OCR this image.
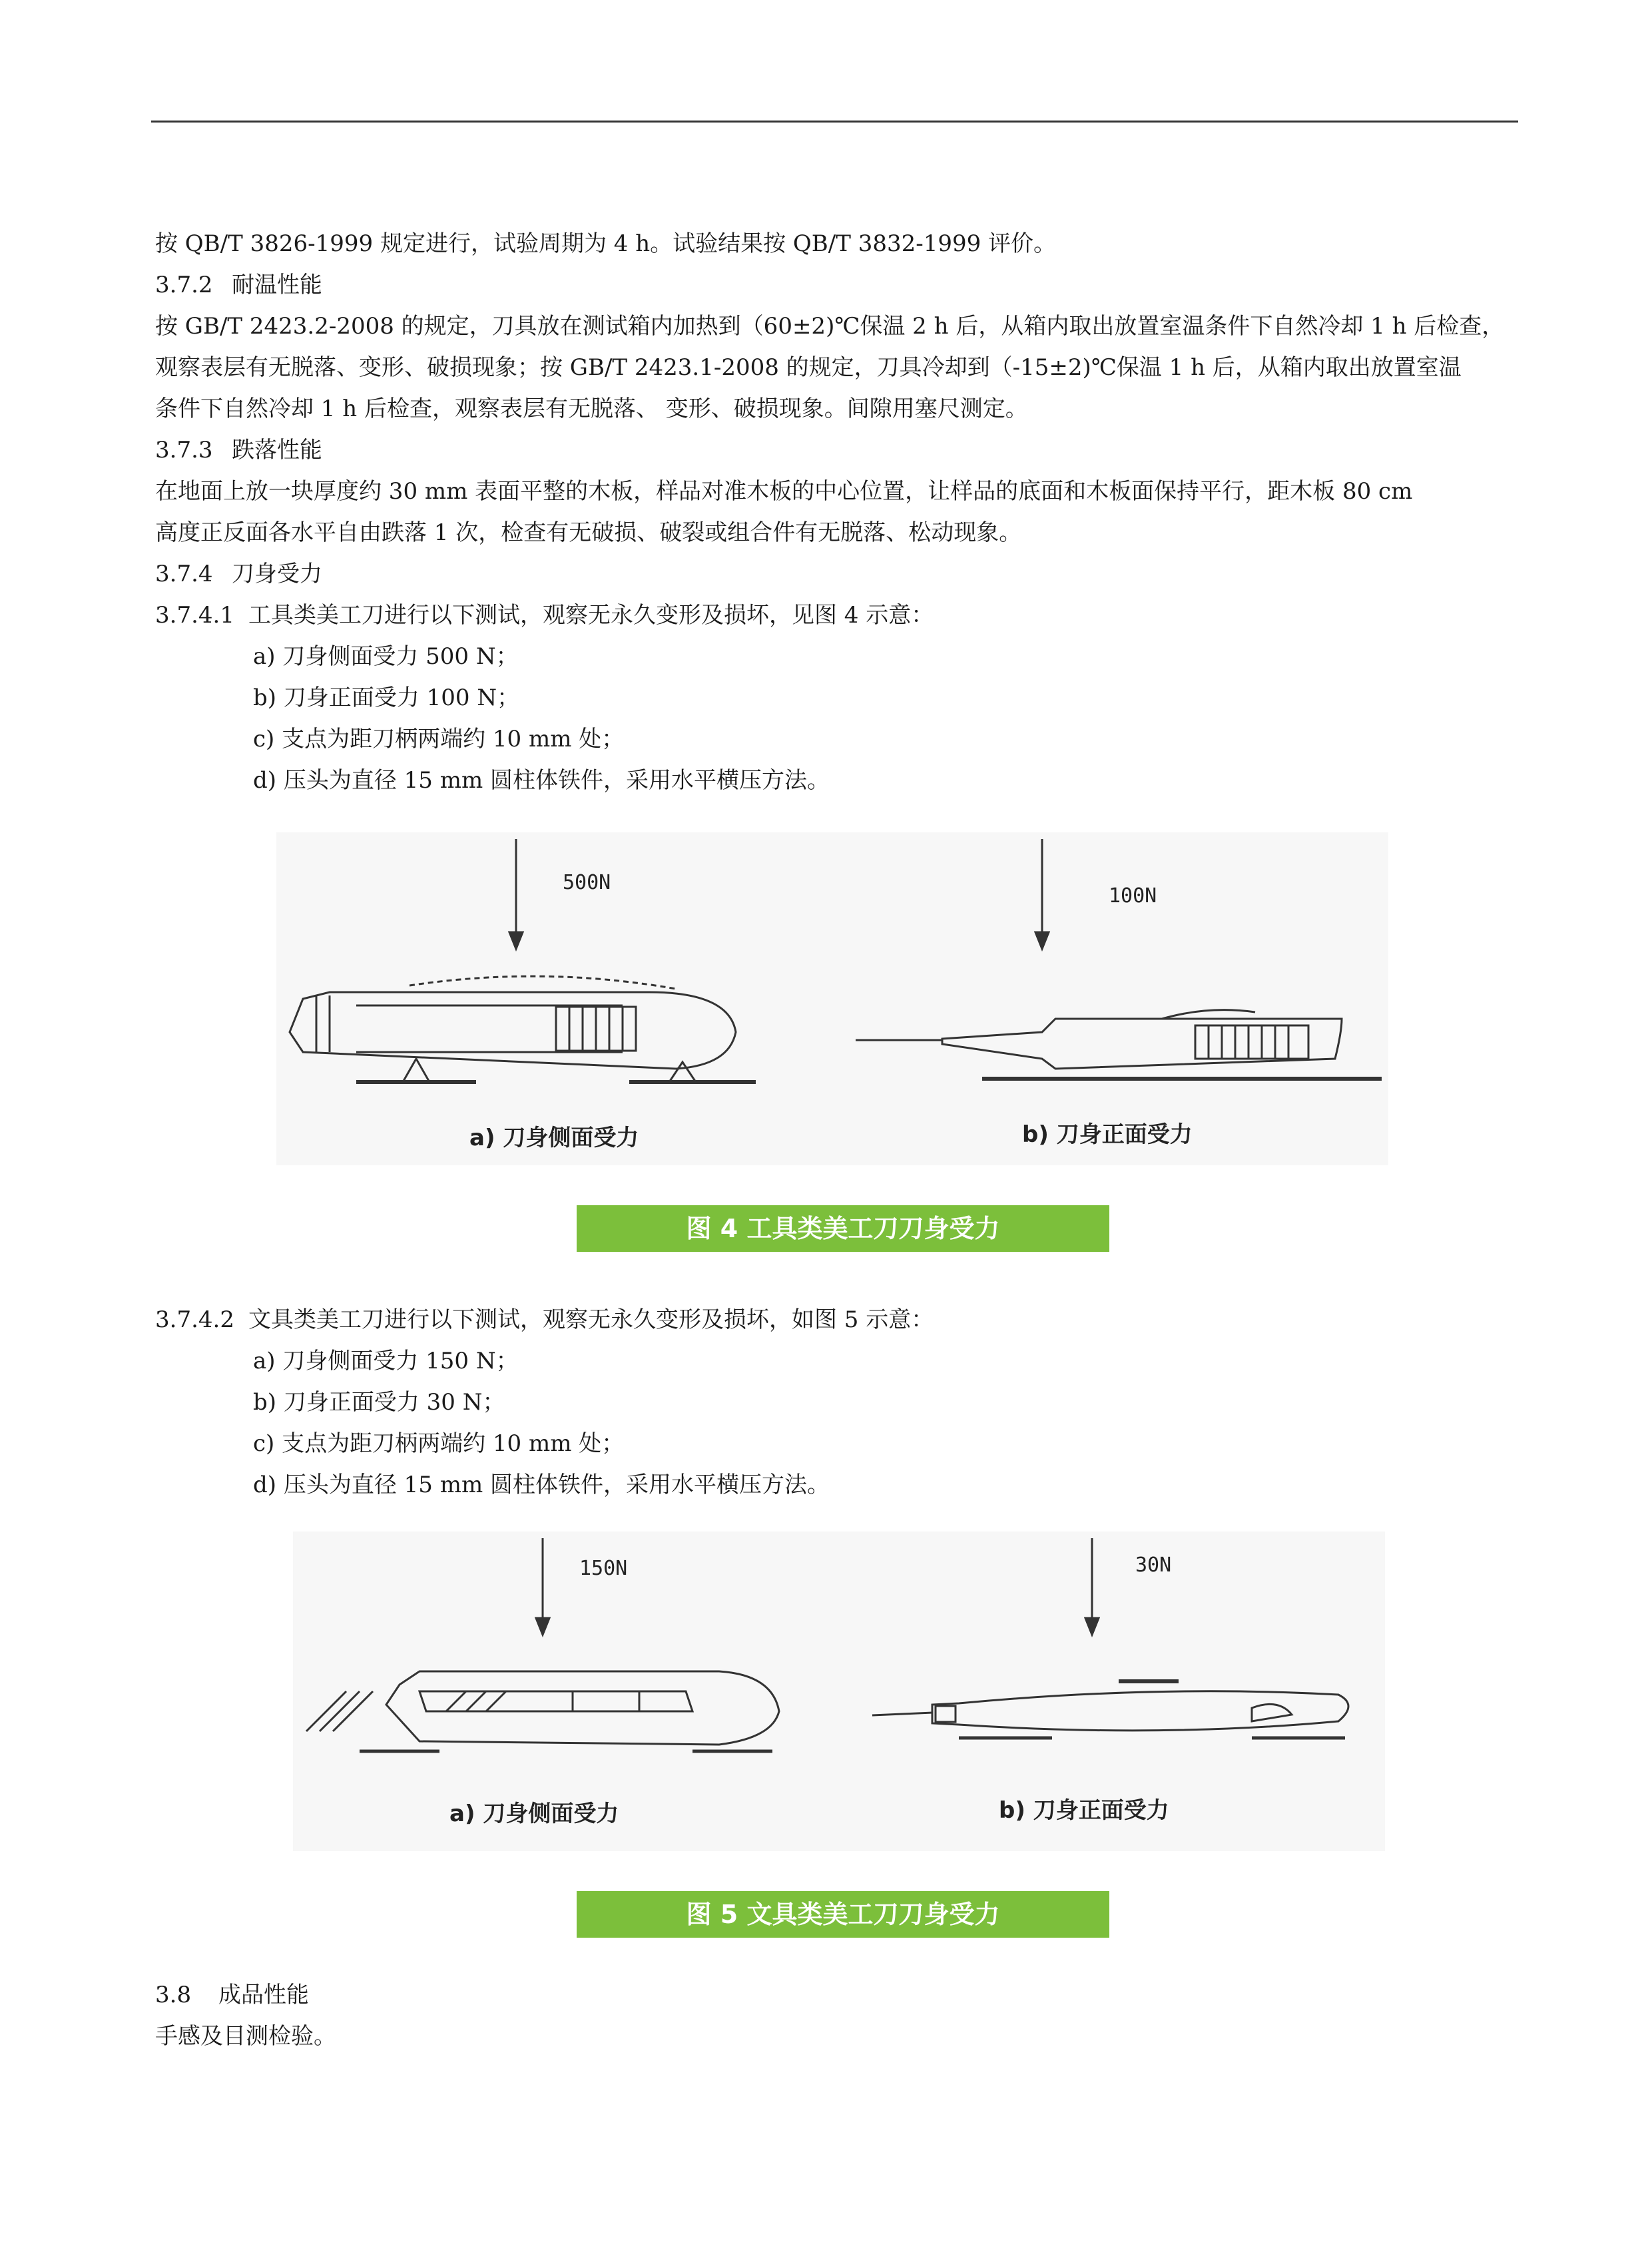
按 QB/T 3826-1999 规定进行，试验周期为 4 h。试验结果按 QB/T 3832-1999 评价。
3.7.2 耐温性能
按 GB/T 2423.2-2008 的规定，刀具放在测试箱内加热到（60±2)℃保温 2 h 后，从箱内取出放置室温条件下自然冷却 1 h 后检查，
观察表层有无脱落、变形、破损现象；按 GB/T 2423.1-2008 的规定，刀具冷却到（-15±2)℃保温 1 h 后，从箱内取出放置室温
条件下自然冷却 1 h 后检查，观察表层有无脱落、 变形、破损现象。间隙用塞尺测定。
3.7.3 跌落性能
在地面上放一块厚度约 30 mm 表面平整的木板，样品对准木板的中心位置，让样品的底面和木板面保持平行，距木板 80 cm
高度正反面各水平自由跌落 1 次，检查有无破损、破裂或组合件有无脱落、松动现象。
3.7.4 刀身受力
3.7.4.1 工具类美工刀进行以下测试，观察无永久变形及损坏，见图 4 示意：
a) 刀身侧面受力 500 N；
b) 刀身正面受力 100 N；
c) 支点为距刀柄两端约 10 mm 处；
d) 压头为直径 15 mm 圆柱体铁件，采用水平横压方法。
500N
100N
a) 刀身侧面受力	b) 刀身正面受力
图 4 工具类美工刀刀身受力
3.7.4.2 文具类美工刀进行以下测试，观察无永久变形及损坏，如图 5 示意：
a) 刀身侧面受力 150 N；
b) 刀身正面受力 30 N；
c) 支点为距刀柄两端约 10 mm 处；
d) 压头为直径 15 mm 圆柱体铁件，采用水平横压方法。
150N	30N
a) 刀身侧面受力	b) 刀身正面受力
图 5 文具类美工刀刀身受力
3.8 成品性能
手感及目测检验。
